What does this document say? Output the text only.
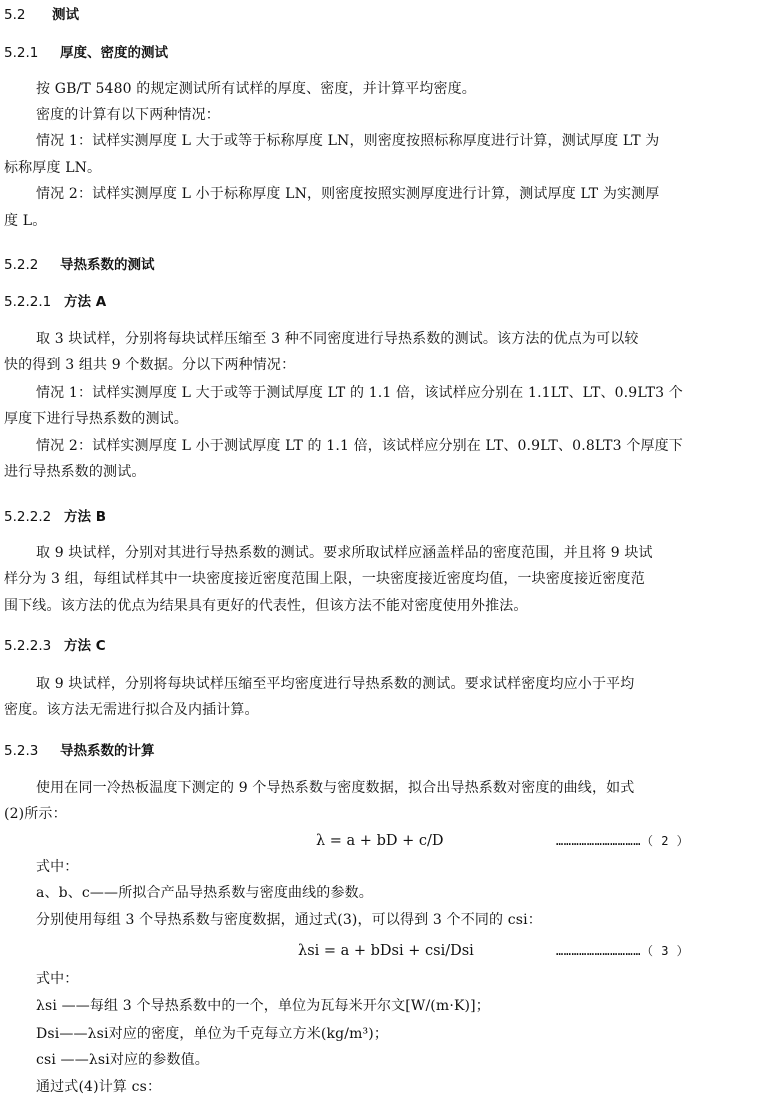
5.2 测试
5.2.1 厚度、密度的测试
按 GB/T 5480 的规定测试所有试样的厚度、密度，并计算平均密度。
密度的计算有以下两种情况：
情况 1：试样实测厚度 L 大于或等于标称厚度 LN，则密度按照标称厚度进行计算，测试厚度 LT 为
标称厚度 LN。
情况 2：试样实测厚度 L 小于标称厚度 LN，则密度按照实测厚度进行计算，测试厚度 LT 为实测厚
度 L。
5.2.2 导热系数的测试
5.2.2.1 方法 A
取 3 块试样，分别将每块试样压缩至 3 种不同密度进行导热系数的测试。该方法的优点为可以较
快的得到 3 组共 9 个数据。分以下两种情况：
情况 1：试样实测厚度 L 大于或等于测试厚度 LT 的 1.1 倍，该试样应分别在 1.1LT、LT、0.9LT3 个
厚度下进行导热系数的测试。
情况 2：试样实测厚度 L 小于测试厚度 LT 的 1.1 倍，该试样应分别在 LT、0.9LT、0.8LT3 个厚度下
进行导热系数的测试。
5.2.2.2 方法 B
取 9 块试样，分别对其进行导热系数的测试。要求所取试样应涵盖样品的密度范围，并且将 9 块试
样分为 3 组，每组试样其中一块密度接近密度范围上限，一块密度接近密度均值，一块密度接近密度范
围下线。该方法的优点为结果具有更好的代表性，但该方法不能对密度使用外推法。
5.2.2.3 方法 C
取 9 块试样，分别将每块试样压缩至平均密度进行导热系数的测试。要求试样密度均应小于平均
密度。该方法无需进行拟合及内插计算。
5.2.3 导热系数的计算
使用在同一冷热板温度下测定的 9 个导热系数与密度数据，拟合出导热系数对密度的曲线，如式
(2)所示：
λ = a + bD + c/D	……………………………（ 2 ）
式中：
a、b、c——所拟合产品导热系数与密度曲线的参数。
分别使用每组 3 个导热系数与密度数据，通过式(3)，可以得到 3 个不同的 csi：
λsi = a + bDsi + csi/Dsi	……………………………（ 3 ）
式中：
λsi ——每组 3 个导热系数中的一个，单位为瓦每米开尔文[W/(m·K)]；
Dsi——λsi对应的密度，单位为千克每立方米(kg/m³)；
csi ——λsi对应的参数值。
通过式(4)计算 cs：
